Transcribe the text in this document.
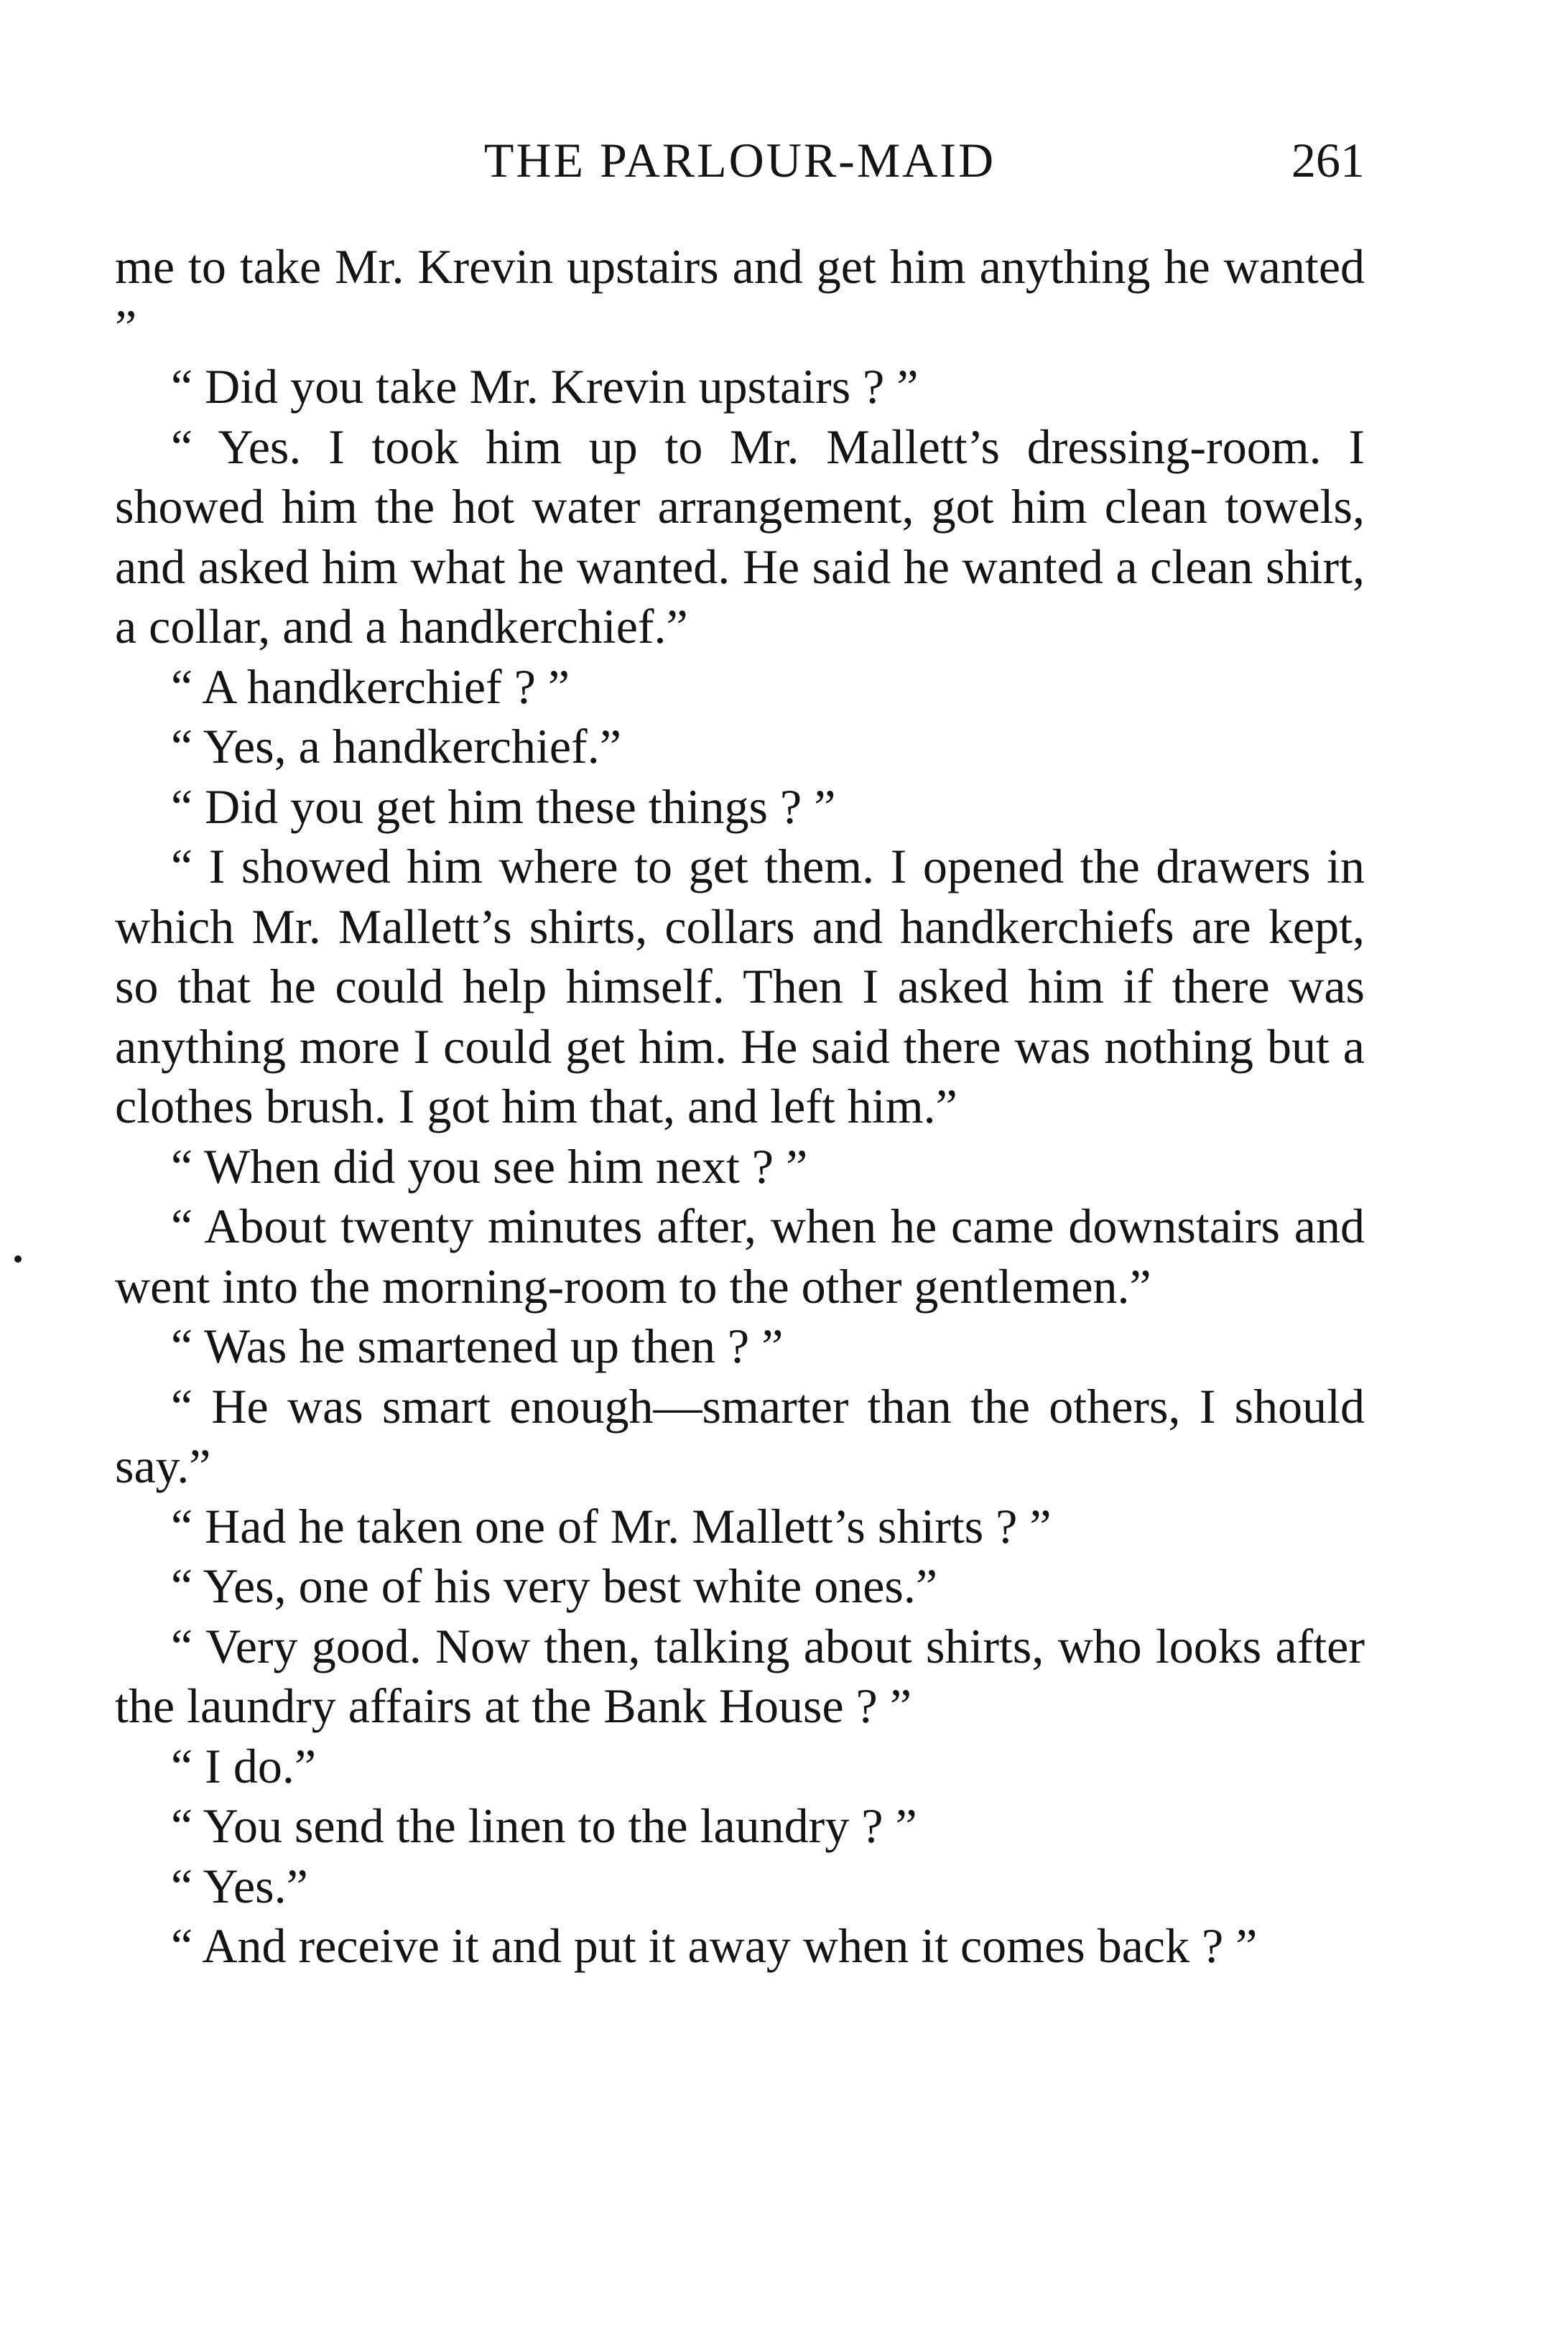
THE PARLOUR-MAID	261

me to take Mr. Krevin upstairs and get him anything he wanted ”

“ Did you take Mr. Krevin upstairs ? ”

“ Yes. I took him up to Mr. Mallett’s dressing-room. I showed him the hot water arrangement, got him clean towels, and asked him what he wanted. He said he wanted a clean shirt, a collar, and a handkerchief.”

“ A handkerchief ? ”

“ Yes, a handkerchief.”

“ Did you get him these things ? ”

“ I showed him where to get them. I opened the drawers in which Mr. Mallett’s shirts, collars and handkerchiefs are kept, so that he could help himself. Then I asked him if there was anything more I could get him. He said there was nothing but a clothes brush. I got him that, and left him.”

“ When did you see him next ? ”

“ About twenty minutes after, when he came downstairs and went into the morning-room to the other gentlemen.”

“ Was he smartened up then ? ”

“ He was smart enough—smarter than the others, I should say.”

“ Had he taken one of Mr. Mallett’s shirts ? ”

“ Yes, one of his very best white ones.”

“ Very good. Now then, talking about shirts, who looks after the laundry affairs at the Bank House ? ”

“ I do.”

“ You send the linen to the laundry ? ”

“ Yes.”

“ And receive it and put it away when it comes back ? ”
